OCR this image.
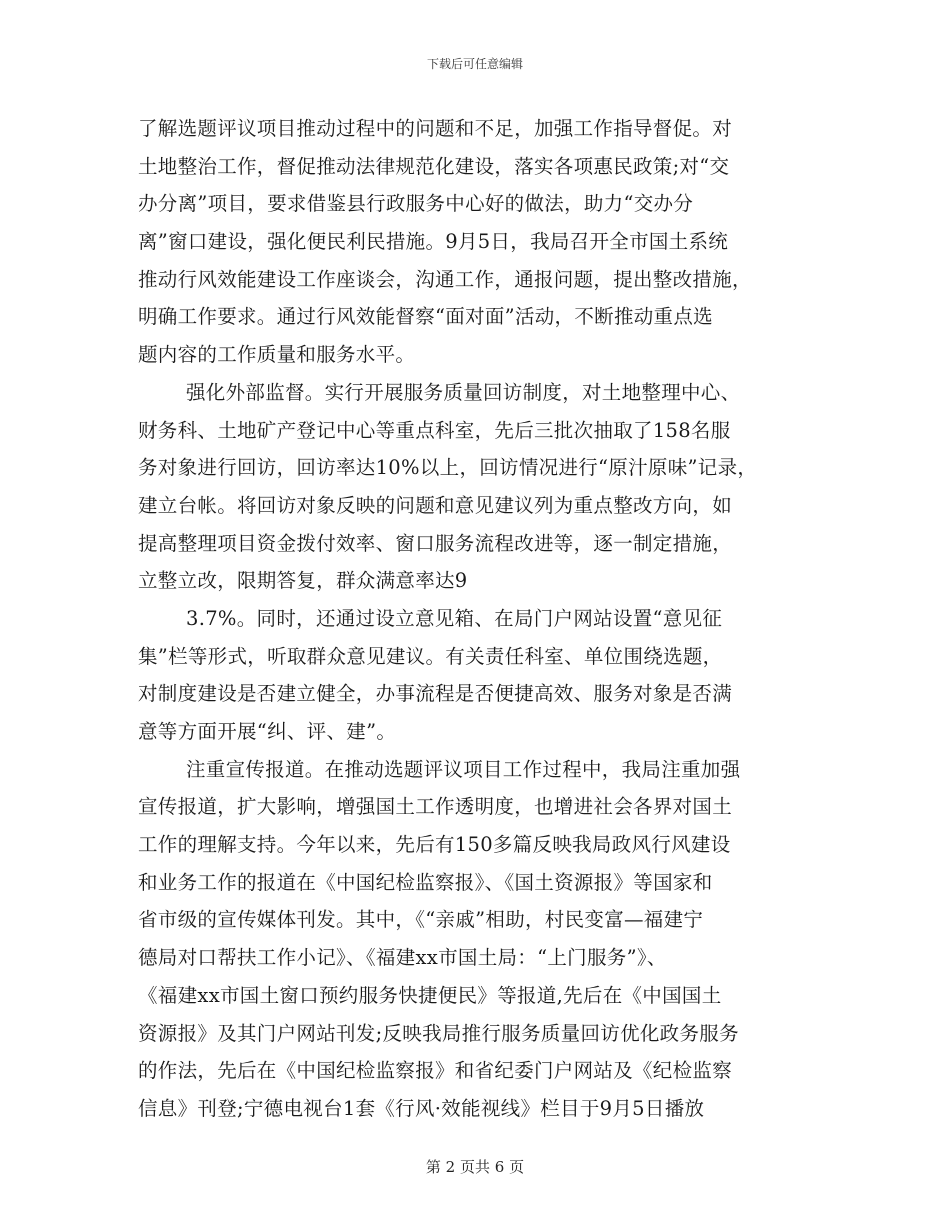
下载后可任意编辑
了解选题评议项目推动过程中的问题和不足，加强工作指导督促。对
土地整治工作，督促推动法律规范化建设，落实各项惠民政策;对“交
办分离”项目，要求借鉴县行政服务中心好的做法，助力“交办分
离”窗口建设，强化便民利民措施。9月5日，我局召开全市国土系统
推动行风效能建设工作座谈会，沟通工作，通报问题，提出整改措施，
明确工作要求。通过行风效能督察“面对面”活动，不断推动重点选
题内容的工作质量和服务水平。
强化外部监督。实行开展服务质量回访制度，对土地整理中心、
财务科、土地矿产登记中心等重点科室，先后三批次抽取了158名服
务对象进行回访，回访率达10%以上，回访情况进行“原汁原味”记录，
建立台帐。将回访对象反映的问题和意见建议列为重点整改方向，如
提高整理项目资金拨付效率、窗口服务流程改进等，逐一制定措施，
立整立改，限期答复，群众满意率达9
3.7%。同时，还通过设立意见箱、在局门户网站设置“意见征
集”栏等形式，听取群众意见建议。有关责任科室、单位围绕选题，
对制度建设是否建立健全，办事流程是否便捷高效、服务对象是否满
意等方面开展“纠、评、建”。
注重宣传报道。在推动选题评议项目工作过程中，我局注重加强
宣传报道，扩大影响，增强国土工作透明度，也增进社会各界对国土
工作的理解支持。今年以来，先后有150多篇反映我局政风行风建设
和业务工作的报道在《中国纪检监察报》、《国土资源报》等国家和
省市级的宣传媒体刊发。其中，《“亲戚”相助，村民变富—福建宁
德局对口帮扶工作小记》、《福建xx市国土局：“上门服务”》、
《福建xx市国土窗口预约服务快捷便民》等报道,先后在《中国国土
资源报》及其门户网站刊发;反映我局推行服务质量回访优化政务服务
的作法，先后在《中国纪检监察报》和省纪委门户网站及《纪检监察
信息》刊登;宁德电视台1套《行风·效能视线》栏目于9月5日播放
第 2 页共 6 页
